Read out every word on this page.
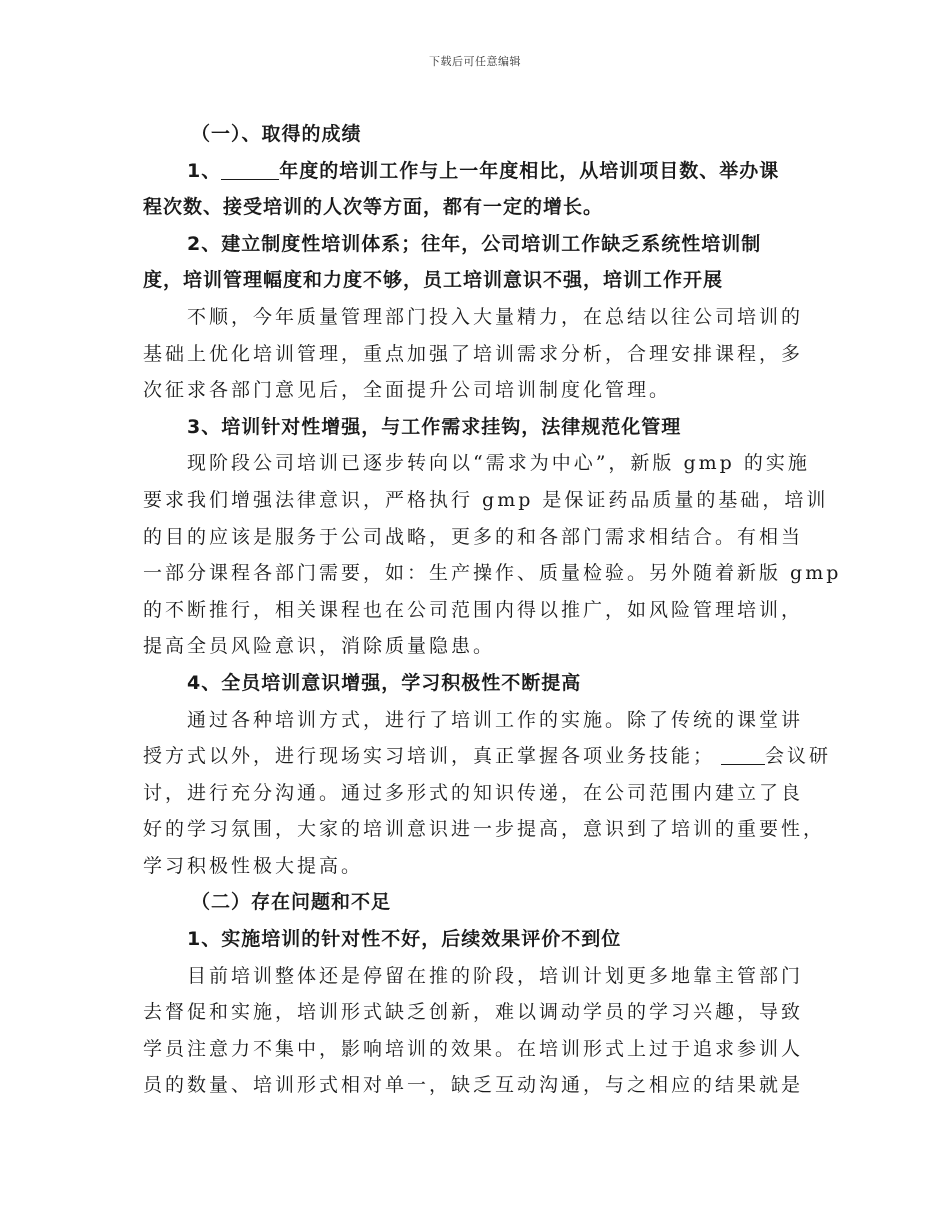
下载后可任意编辑
（一）、取得的成绩
1、	年度的培训工作与上一年度相比，从培训项目数、举办课
程次数、接受培训的人次等方面，都有一定的增长。
2、建立制度性培训体系；往年，公司培训工作缺乏系统性培训制
度，培训管理幅度和力度不够，员工培训意识不强，培训工作开展
不顺，今年质量管理部门投入大量精力，在总结以往公司培训的
基础上优化培训管理，重点加强了培训需求分析，合理安排课程，多
次征求各部门意见后，全面提升公司培训制度化管理。
3、培训针对性增强，与工作需求挂钩，法律规范化管理
现阶段公司培训已逐步转向以“需求为中心”，新版 gmp 的实施
要求我们增强法律意识，严格执行 gmp 是保证药品质量的基础，培训
的目的应该是服务于公司战略，更多的和各部门需求相结合。有相当
一部分课程各部门需要，如：生产操作、质量检验。另外随着新版 gmp
的不断推行，相关课程也在公司范围内得以推广，如风险管理培训，
提高全员风险意识，消除质量隐患。
4、全员培训意识增强，学习积极性不断提高
通过各种培训方式，进行了培训工作的实施。除了传统的课堂讲
授方式以外，进行现场实习培训，真正掌握各项业务技能；	会议研
讨，进行充分沟通。通过多形式的知识传递，在公司范围内建立了良
好的学习氛围，大家的培训意识进一步提高，意识到了培训的重要性，
学习积极性极大提高。
（二）存在问题和不足
1、实施培训的针对性不好，后续效果评价不到位
目前培训整体还是停留在推的阶段，培训计划更多地靠主管部门
去督促和实施，培训形式缺乏创新，难以调动学员的学习兴趣，导致
学员注意力不集中，影响培训的效果。在培训形式上过于追求参训人
员的数量、培训形式相对单一，缺乏互动沟通，与之相应的结果就是
